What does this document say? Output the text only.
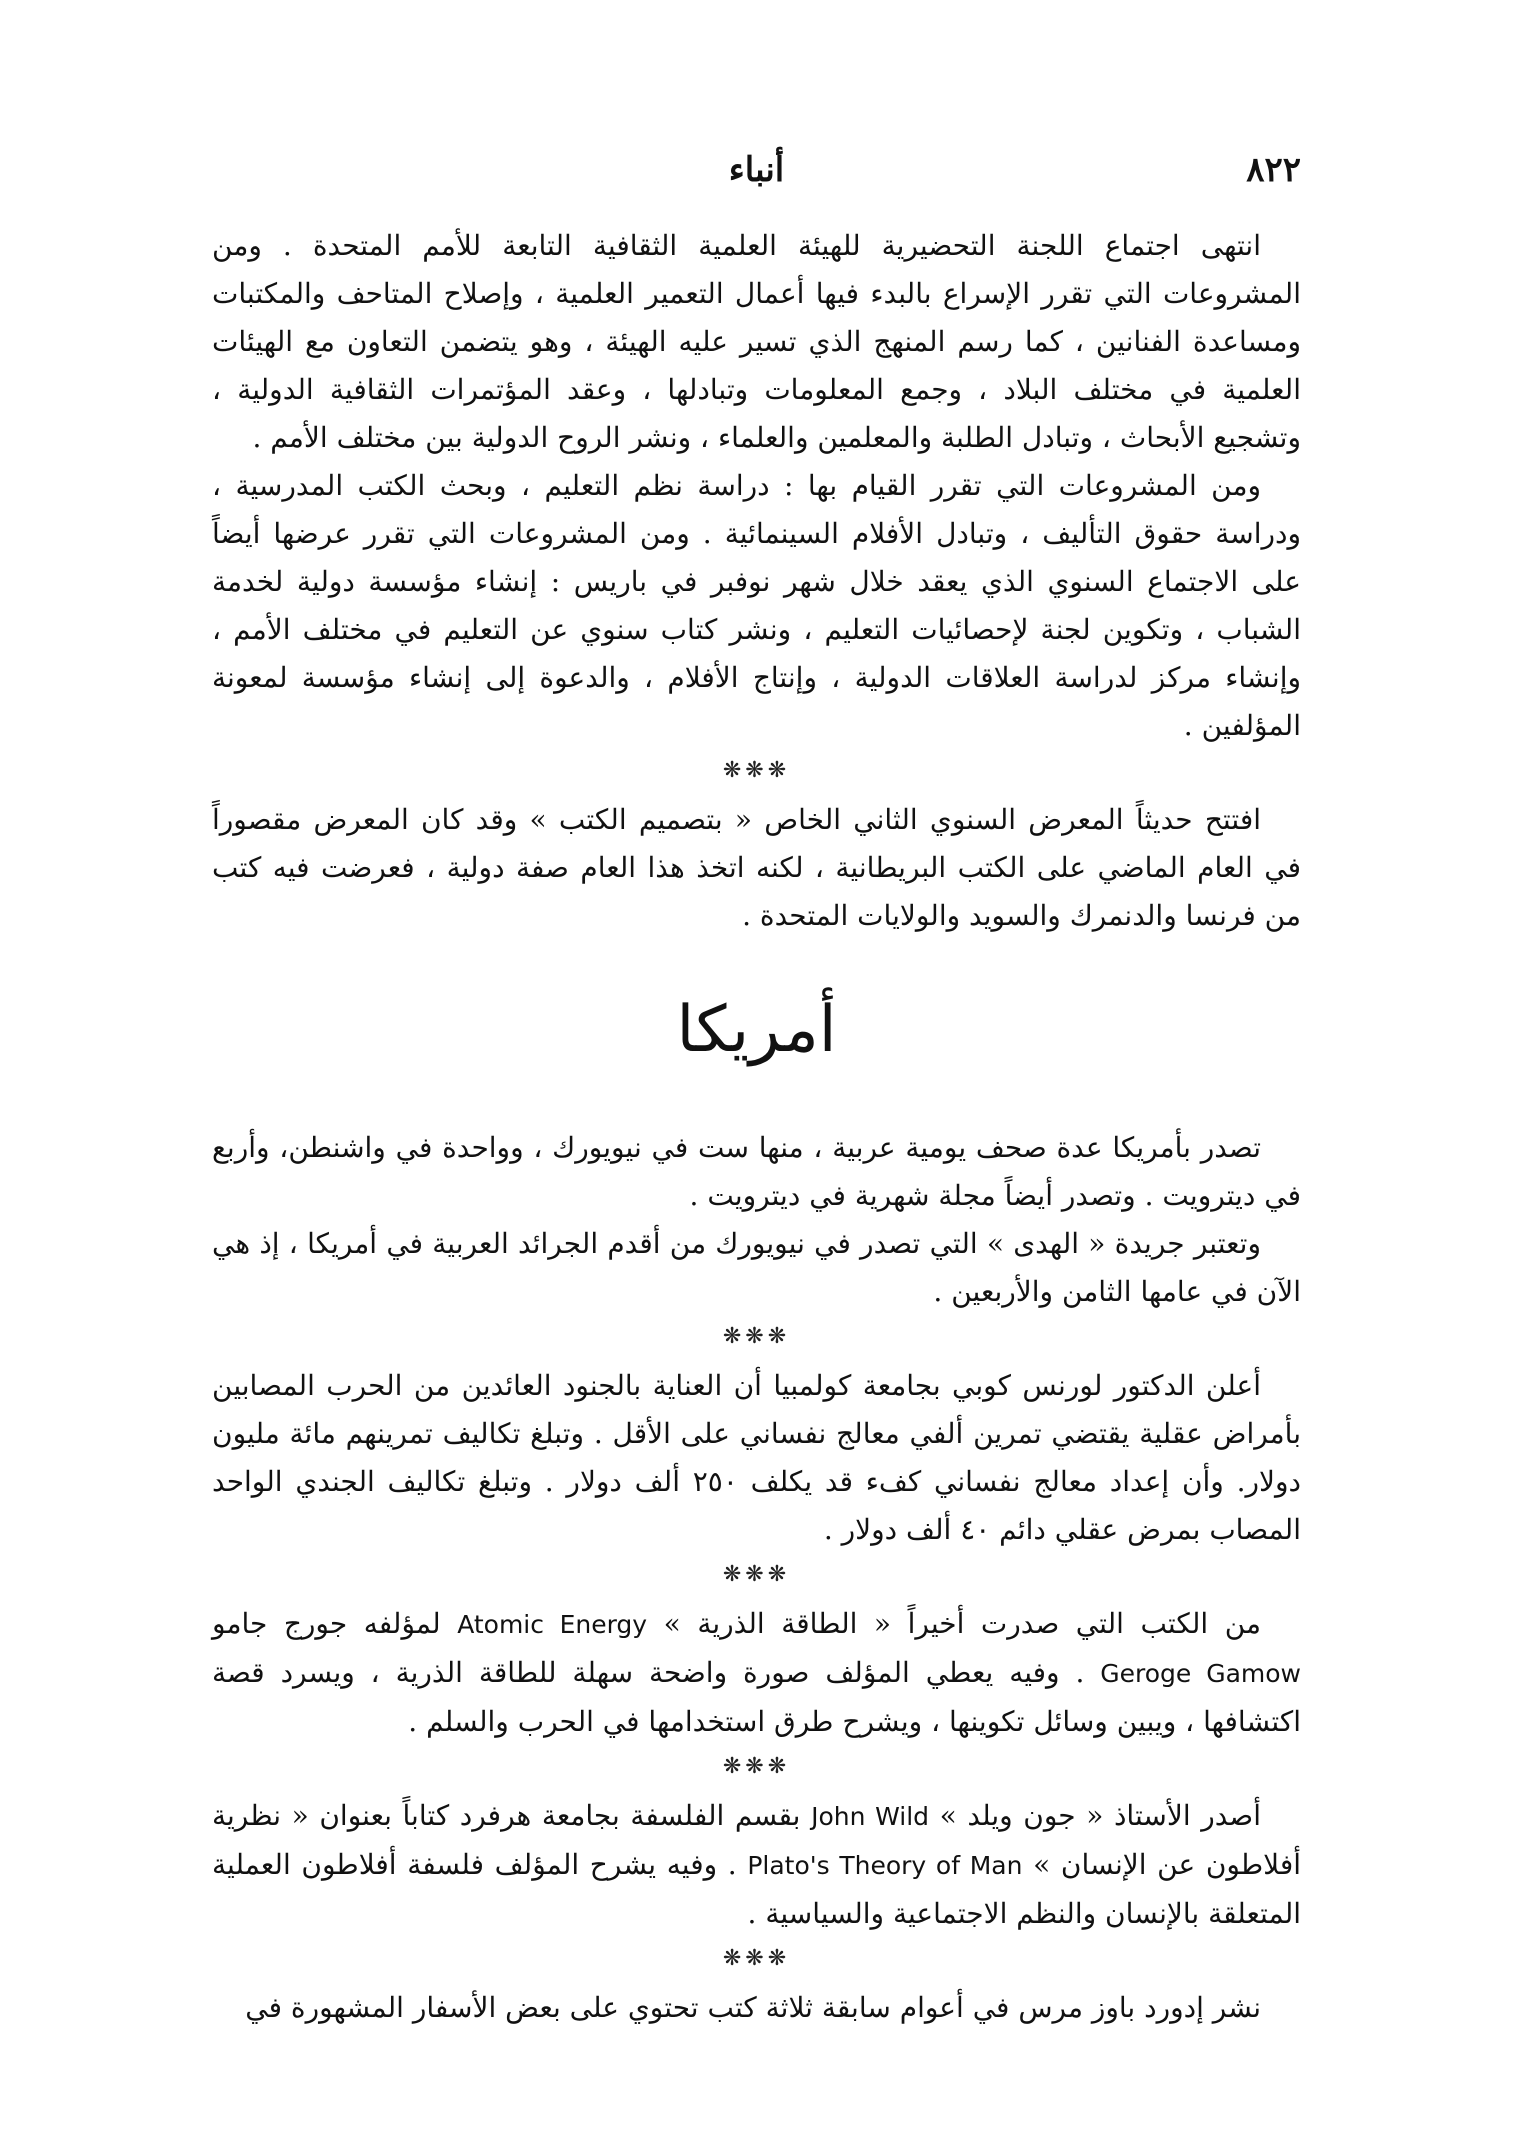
٨٢٢
أنباء

انتهى اجتماع اللجنة التحضيرية للهيئة العلمية الثقافية التابعة للأمم المتحدة . ومن المشروعات التي تقرر الإسراع بالبدء فيها أعمال التعمير العلمية ، وإصلاح المتاحف والمكتبات ومساعدة الفنانين ، كما رسم المنهج الذي تسير عليه الهيئة ، وهو يتضمن التعاون مع الهيئات العلمية في مختلف البلاد ، وجمع المعلومات وتبادلها ، وعقد المؤتمرات الثقافية الدولية ، وتشجيع الأبحاث ، وتبادل الطلبة والمعلمين والعلماء ، ونشر الروح الدولية بين مختلف الأمم .

ومن المشروعات التي تقرر القيام بها : دراسة نظم التعليم ، وبحث الكتب المدرسية ، ودراسة حقوق التأليف ، وتبادل الأفلام السينمائية . ومن المشروعات التي تقرر عرضها أيضاً على الاجتماع السنوي الذي يعقد خلال شهر نوفبر في باريس : إنشاء مؤسسة دولية لخدمة الشباب ، وتكوين لجنة لإحصائيات التعليم ، ونشر كتاب سنوي عن التعليم في مختلف الأمم ، وإنشاء مركز لدراسة العلاقات الدولية ، وإنتاج الأفلام ، والدعوة إلى إنشاء مؤسسة لمعونة المؤلفين .

❋❋❋

افتتح حديثاً المعرض السنوي الثاني الخاص « بتصميم الكتب » وقد كان المعرض مقصوراً في العام الماضي على الكتب البريطانية ، لكنه اتخذ هذا العام صفة دولية ، فعرضت فيه كتب من فرنسا والدنمرك والسويد والولايات المتحدة .

أمريكا

تصدر بأمريكا عدة صحف يومية عربية ، منها ست في نيويورك ، وواحدة في واشنطن، وأربع في ديترويت . وتصدر أيضاً مجلة شهرية في ديترويت .

وتعتبر جريدة « الهدى » التي تصدر في نيويورك من أقدم الجرائد العربية في أمريكا ، إذ هي الآن في عامها الثامن والأربعين .

❋❋❋

أعلن الدكتور لورنس كوبي بجامعة كولمبيا أن العناية بالجنود العائدين من الحرب المصابين بأمراض عقلية يقتضي تمرين ألفي معالج نفساني على الأقل . وتبلغ تكاليف تمرينهم مائة مليون دولار. وأن إعداد معالج نفساني كفء قد يكلف ٢٥٠ ألف دولار . وتبلغ تكاليف الجندي الواحد المصاب بمرض عقلي دائم ٤٠ ألف دولار .

❋❋❋

من الكتب التي صدرت أخيراً « الطاقة الذرية » Atomic Energy لمؤلفه جورج جامو Geroge Gamow . وفيه يعطي المؤلف صورة واضحة سهلة للطاقة الذرية ، ويسرد قصة اكتشافها ، ويبين وسائل تكوينها ، ويشرح طرق استخدامها في الحرب والسلم .

❋❋❋

أصدر الأستاذ « جون ويلد » John Wild بقسم الفلسفة بجامعة هرفرد كتاباً بعنوان « نظرية أفلاطون عن الإنسان » Plato's Theory of Man . وفيه يشرح المؤلف فلسفة أفلاطون العملية المتعلقة بالإنسان والنظم الاجتماعية والسياسية .

❋❋❋

نشر إدورد باوز مرس في أعوام سابقة ثلاثة كتب تحتوي على بعض الأسفار المشهورة في
